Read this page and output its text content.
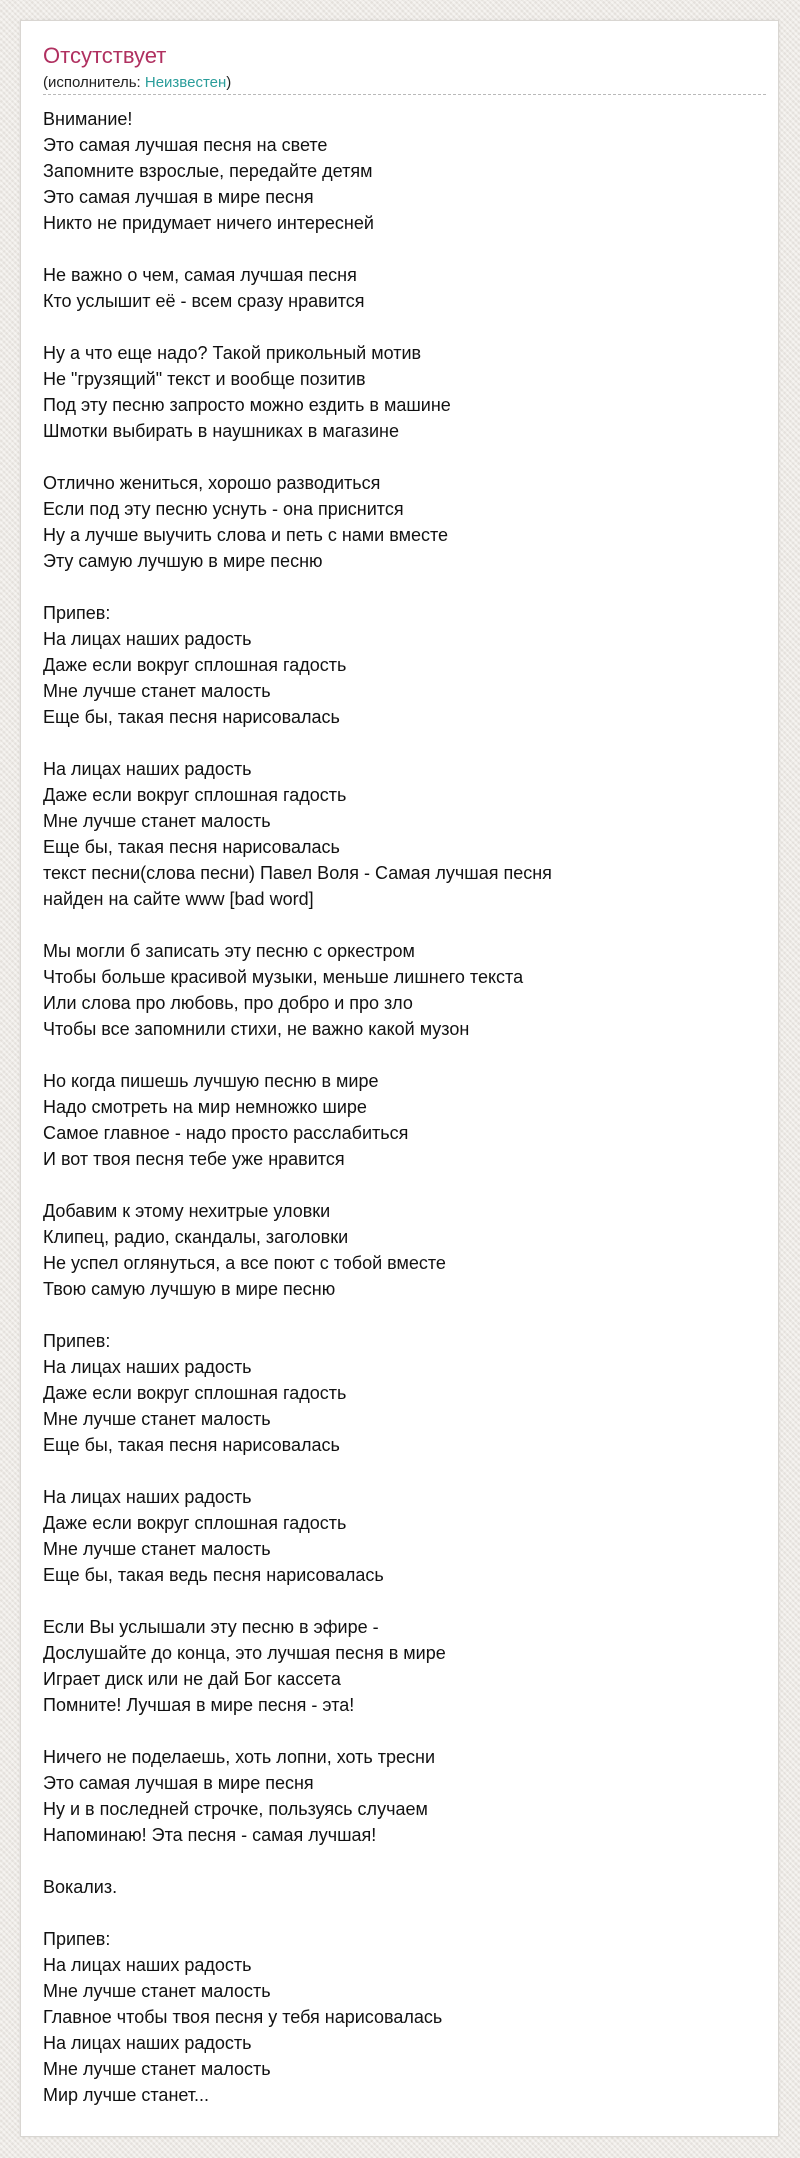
Отсутствует
(исполнитель: Неизвестен)
Внимание!
Это самая лучшая песня на свете
Запомните взрослые, передайте детям
Это самая лучшая в мире песня
Никто не придумает ничего интересней
Не важно о чем, самая лучшая песня
Кто услышит её - всем сразу нравится
Ну а что еще надо? Такой прикольный мотив
Не "грузящий" текст и вообще позитив
Под эту песню запросто можно ездить в машине
Шмотки выбирать в наушниках в магазине
Отлично жениться, хорошо разводиться
Если под эту песню уснуть - она приснится
Ну а лучше выучить слова и петь с нами вместе
Эту самую лучшую в мире песню
Припев:
На лицах наших радость
Даже если вокруг сплошная гадость
Мне лучше станет малость
Еще бы, такая песня нарисовалась
На лицах наших радость
Даже если вокруг сплошная гадость
Мне лучше станет малость
Еще бы, такая песня нарисовалась
текст песни(слова песни) Павел Воля - Самая лучшая песня
найден на сайте www [bad word]
Мы могли б записать эту песню с оркестром
Чтобы больше красивой музыки, меньше лишнего текста
Или слова про любовь, про добро и про зло
Чтобы все запомнили стихи, не важно какой музон
Но когда пишешь лучшую песню в мире
Надо смотреть на мир немножко шире
Самое главное - надо просто расслабиться
И вот твоя песня тебе уже нравится
Добавим к этому нехитрые уловки
Клипец, радио, скандалы, заголовки
Не успел оглянуться, а все поют с тобой вместе
Твою самую лучшую в мире песню
Припев:
На лицах наших радость
Даже если вокруг сплошная гадость
Мне лучше станет малость
Еще бы, такая песня нарисовалась
На лицах наших радость
Даже если вокруг сплошная гадость
Мне лучше станет малость
Еще бы, такая ведь песня нарисовалась
Если Вы услышали эту песню в эфире -
Дослушайте до конца, это лучшая песня в мире
Играет диск или не дай Бог кассета
Помните! Лучшая в мире песня - эта!
Ничего не поделаешь, хоть лопни, хоть тресни
Это самая лучшая в мире песня
Ну и в последней строчке, пользуясь случаем
Напоминаю! Эта песня - самая лучшая!
Вокализ.
Припев:
На лицах наших радость
Мне лучше станет малость
Главное чтобы твоя песня у тебя нарисовалась
На лицах наших радость
Мне лучше станет малость
Мир лучше станет...
